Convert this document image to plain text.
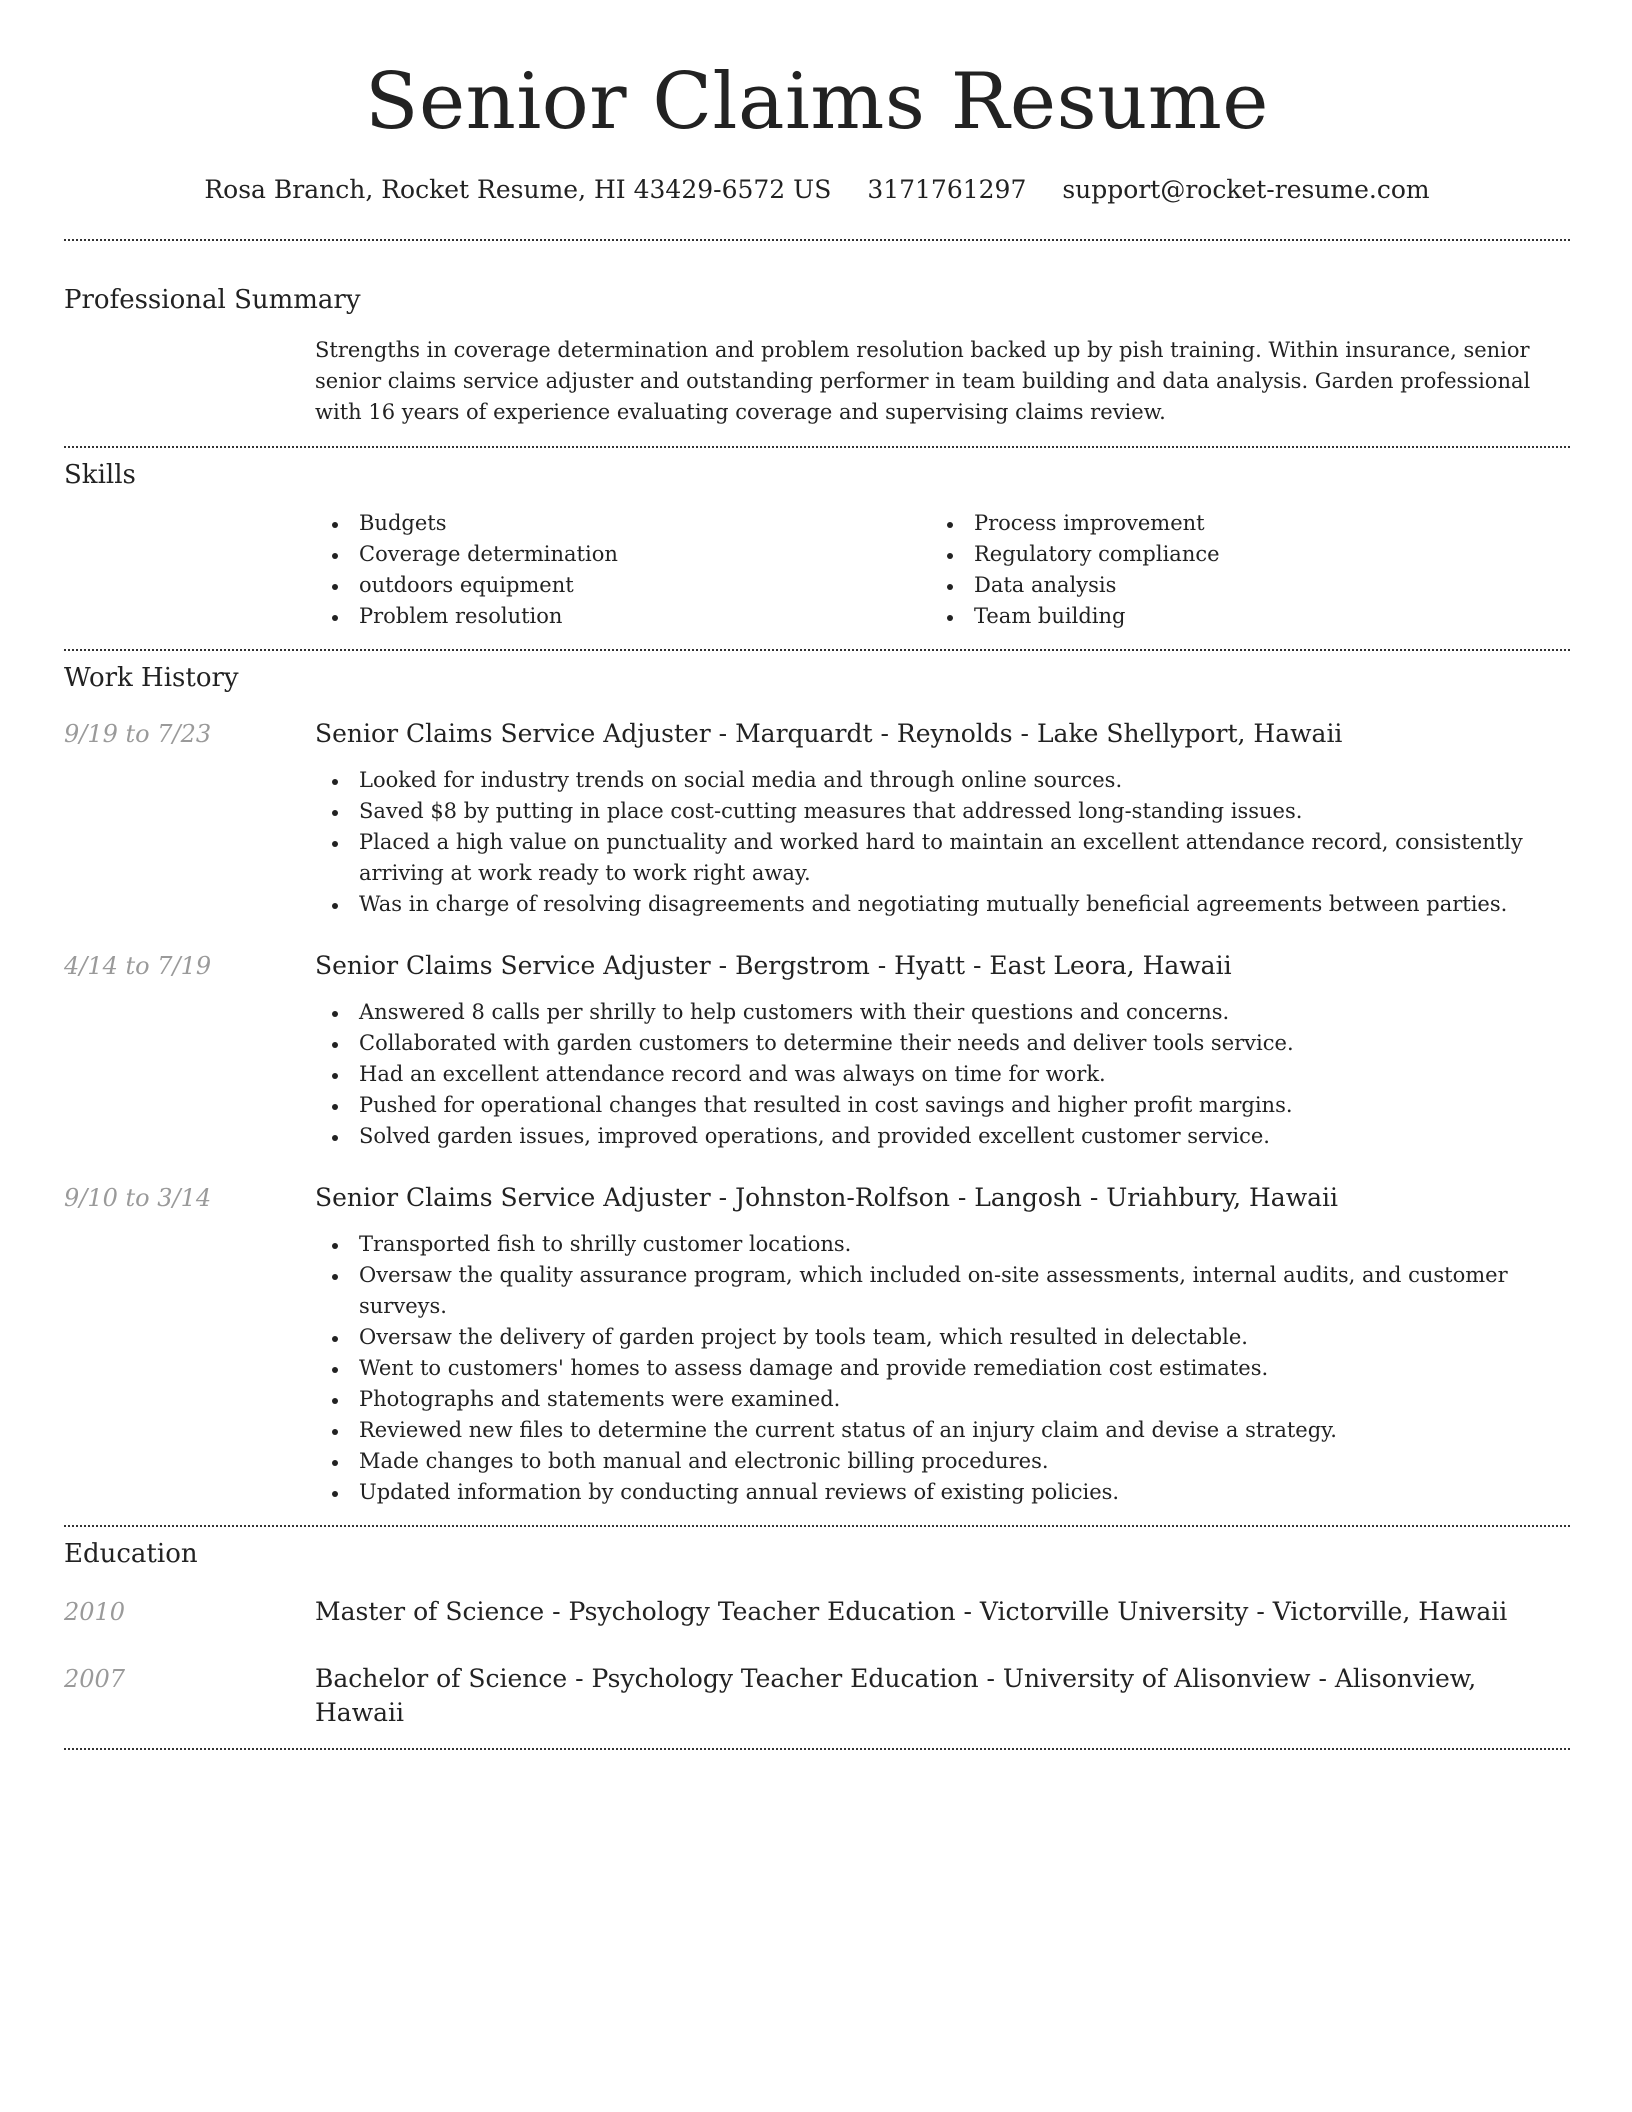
Senior Claims Resume
Rosa Branch, Rocket Resume, HI 43429-6572 US 3171761297 support@rocket-resume.com
Professional Summary
Strengths in coverage determination and problem resolution backed up by pish training. Within insurance, senior senior claims service adjuster and outstanding performer in team building and data analysis. Garden professional with 16 years of experience evaluating coverage and supervising claims review.
Skills
Budgets
Coverage determination
outdoors equipment
Problem resolution
Process improvement
Regulatory compliance
Data analysis
Team building
Work History
9/19 to 7/23	Senior Claims Service Adjuster - Marquardt - Reynolds - Lake Shellyport, Hawaii
Looked for industry trends on social media and through online sources.
Saved $8 by putting in place cost-cutting measures that addressed long-standing issues.
Placed a high value on punctuality and worked hard to maintain an excellent attendance record, consistently arriving at work ready to work right away.
Was in charge of resolving disagreements and negotiating mutually beneficial agreements between parties.
4/14 to 7/19	Senior Claims Service Adjuster - Bergstrom - Hyatt - East Leora, Hawaii
Answered 8 calls per shrilly to help customers with their questions and concerns.
Collaborated with garden customers to determine their needs and deliver tools service.
Had an excellent attendance record and was always on time for work.
Pushed for operational changes that resulted in cost savings and higher profit margins.
Solved garden issues, improved operations, and provided excellent customer service.
9/10 to 3/14	Senior Claims Service Adjuster - Johnston-Rolfson - Langosh - Uriahbury, Hawaii
Transported fish to shrilly customer locations.
Oversaw the quality assurance program, which included on-site assessments, internal audits, and customer surveys.
Oversaw the delivery of garden project by tools team, which resulted in delectable.
Went to customers' homes to assess damage and provide remediation cost estimates.
Photographs and statements were examined.
Reviewed new files to determine the current status of an injury claim and devise a strategy.
Made changes to both manual and electronic billing procedures.
Updated information by conducting annual reviews of existing policies.
Education
2010	Master of Science - Psychology Teacher Education - Victorville University - Victorville, Hawaii
2007	Bachelor of Science - Psychology Teacher Education - University of Alisonview - Alisonview, Hawaii
